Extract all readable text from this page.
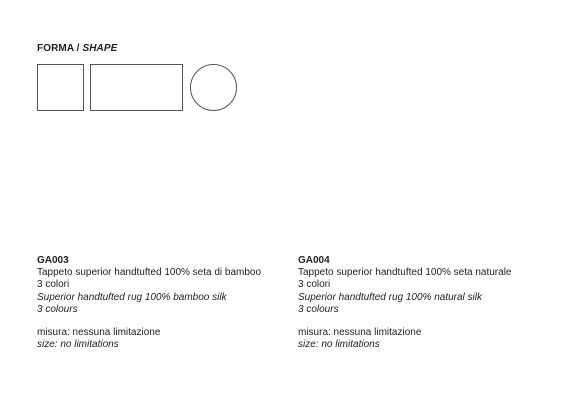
FORMA / SHAPE
GA003
Tappeto superior handtufted 100% seta di bamboo
3 colori
Superior handtufted rug 100% bamboo silk
3 colours
misura: nessuna limitazione
size: no limitations
GA004
Tappeto superior handtufted 100% seta naturale
3 colori
Superior handtufted rug 100% natural silk
3 colours
misura: nessuna limitazione
size: no limitations
